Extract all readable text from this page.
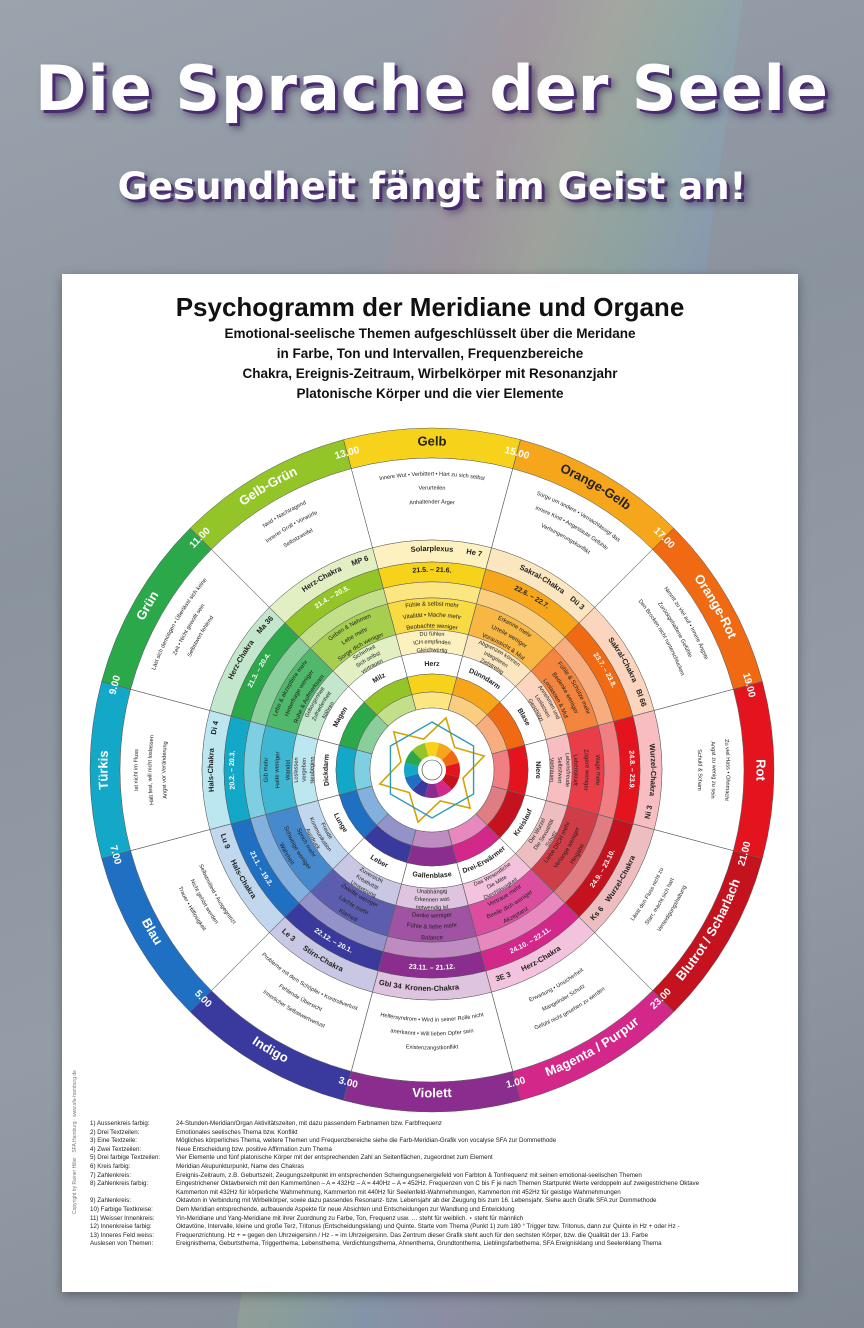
Die Sprache der Seele
Gesundheit fängt im Geist an!
Psychogramm der Meridiane und Organe
Emotional-seelische Themen aufgeschlüsselt über die Meridane
in Farbe, Ton und Intervallen, Frequenzbereiche
Chakra, Ereignis-Zeitraum, Wirbelkörper mit Resonanzjahr
Platonische Körper und die vier Elemente
Gelb
13.00
Innere Wut • Verbittert • Hart zu sich selbst
Verurteilen
Anhaltender Ärger
Solarplexus He 7
21.5. – 21.6.
Fühle & selbst mehr
Vitalität • Mache mehr
Beobachte weniger
DU fühlen
ICH empfinden
Gleichwertig
Herz
Orange-Gelb
15.00
Sorge um andere • Vernachlässigt das
innere Kind • Angestaute Gefühle
Verhungerungskonflikt
Sakral-Chakra
Dü 3
22.6. – 22.7.
Erkenne mehr
Urteile weniger
Voraussicht & Mut
Abgrenzen können
Integrieren
Zielstrebig
Dünndarm
Orange-Rot
17.00
Nimmt zu viel auf • Innere Ängste
Zurückgehaltene Gefühle
Den Brocken nicht runterschlucken
Sakral-Chakra
Bl 66
23.7. – 23.8.
Fühle & Schütze mehr
Bedenke weniger
Loslassen & Mut
Annehmen und
Loslassen
Geschützt
Blase
Rot
19.00
Zu viel Hass • Ohnmacht
Angst zu wenig zu sein
Schuld & Scham
Wurzel-Chakra
Ni 3
24.8. – 23.9.
Wage mehr
Zögere weniger
Lebenskraft
Lebensfreude
Selbstwert
Vertrauen
Niere
Blutrot / Scharlach
21.00
Lässt den Fluss nicht zu
Starr, macht sich hart
Verteidigungshaltung
Wurzel-Chakra
Ks 6
24.9. – 23.10.
Liebe DICH mehr
Verlange weniger
Hingabe
Der Wurzel
Die Sexualität
Schutz
Kreislauf
Magenta / Purpur
23.00
Erwartung • Unsicherheit
Mangelnder Schutz
Gefühl nicht gesehen zu werden
Herz-Chakra
3E 3
24.10. – 22.11.
Vertraue mehr
Beeile dich weniger
Akzeptanz
Das Wesentliche
Die Mitte
Durchlässigkeit
Drei-Erwärmer
Violett
1.00
Helfersyndrom • Wird in seiner Rolle nicht
anerkannt • Will lieben Opfer sein
Existenzangstkonflikt
Kronen-Chakra
Gbl 34
23.11. – 21.12.
Denke weniger
Fühle & liebe mehr
Balance
Unabhängig
Erkennen was
notwendig ist
Gallenblase
Indigo
3.00
Probleme mit dem Schöpfer • Kontrollverlust
Fehlende Übersicht
Innerlicher Selbstwertverlust
Stirn-Chakra
Le 3
22.12. – 20.1.
Zweifle weniger
Lächle mehr
Klarheit
Zuversicht
Kreativität
Umsetzung
Leber
Blau
5.00
Selbstmitleid • Ausgegrenzt
Nicht gehört werden
Trauer • Hilflosigkeit
Hals-Chakra
Lu 9
21.1. – 19.2.
Sprich mehr
Schweige weniger
Wahrheit
Freude
Kommunikation
Ausdruck
Lunge
Türkis
7.00
Ist nicht im Fluss
Hält fest, will nicht loslassen
Angst vor Veränderung
Hals-Chakra
Di 4
20.2. – 20.3.
Gib mehr
Halte weniger
Wandel
Loslassen
Vergeben
Neubeginn
Dickdarm
Grün
9.00
Läst sich demütigen • Überlässt sich keine
Zeit • Nicht gewollt sein
Selbstwert fehlend
Herz-Chakra
Ma 36
21.3. – 20.4.
Lebe & akzeptiere mehr
Hinterfrage weniger
Ruhe & Aufmerksam
Geborgenheit
Zufriedenheit
Nähren
Magen
Gelb-Grün
11.00	Neid • Nachtragend
Innerer Groll • Vorwürfe
Selbstzweifel
Herz-Chakra
MP 6
21.4. – 20.5.
Geben & Nehmen
Lebe mehr
Sorge dich weniger
Sicherheit
Sich selbst
vertrauen
Milz
1) Aussenkreis farbig:	24-Stunden-Meridian/Organ Aktivitätszeiten, mit dazu passendem Farbnamen bzw. Farbfrequenz
2) Drei Textzeilen:	Emotionales seelisches Thema bzw. Konflikt
3) Eine Textzeile:	Mögliches körperliches Thema, weitere Themen und Frequenzbereiche siehe die Farb-Meridian-Grafik von vocalyse SFA zur Dommethode
4) Zwei Textzeilen:	Neue Entscheidung bzw. positive Affirmation zum Thema
5) Drei farbige Textzeilen:	Vier Elemente und fünf platonische Körper mit der entsprechenden Zahl an Seitenflächen, zugeordnet zum Element
6) Kreis farbig:	Meridian Akupunkturpunkt, Name des Chakras
7) Zahlenkreis:	Ereignis-Zeitraum, z.B. Geburtszeit, Zeugungszeitpunkt im entsprechenden Schwingungsenergiefeld von Farbton & Tonfrequenz mit seinen emotional-seelischen Themen
8) Zahlenkreis farbig:	Eingestrichener Oktavbereich mit den Kammertönen – A = 432Hz – A = 440Hz – A = 452Hz. Frequenzen von C bis F je nach Themen Startpunkt Werte verdoppeln auf zweigestrichene Oktave
Kammerton mit 432Hz für körperliche Wahrnehmung, Kammerton mit 440Hz für Seelenfeld-Wahrnehmungen, Kammerton mit 452Hz für geistige Wahrnehmungen
9) Zahlenkreis:	Oktavton in Verbindung mit Wirbelkörper, sowie dazu passendes Resonanz- bzw. Lebensjahr ab der Zeugung bis zum 16. Lebensjahr. Siehe auch Grafik SFA zur Dommethode
10) Farbige Textkreise:	Dem Meridian entsprechende, aufbauende Aspekte für neue Absichten und Entscheidungen zur Wandlung und Entwicklung
11) Weisser Innenkreis:	Yin-Meridiane und Yang-Meridiane mit ihrer Zuordnung zu Farbe, Ton, Frequenz usw. … steht für weiblich. ⋆ steht für männlich
12) Innenkreise farbig:	Oktavtöne, Intervalle, kleine und große Terz, Tritonus (Entscheidungsklang) und Quinte. Starte vom Thema (Punkt 1) zum 180 ° Trigger bzw. Tritonus, dann zur Quinte in Hz + oder Hz -
13) Inneres Feld weiss:	Frequenzrichtung. Hz + = gegen den Uhrzeigersinn / Hz - = im Uhrzeigersinn. Das Zentrum dieser Grafik steht auch für den sechsten Körper, bzw. die Qualität der 13. Farbe
Auslesen von Themen:	Ereignisthema, Geburtsthema, Triggerthema, Lebensthema, Verdichtungsthema, Ahnenthema, Grundtonthema, Lieblingsfarbethema, SFA Ereignisklang und Seelenklang Thema
Copyright by Rainer Hiller · SFA Hamburg · www.sfa-hamburg.de
